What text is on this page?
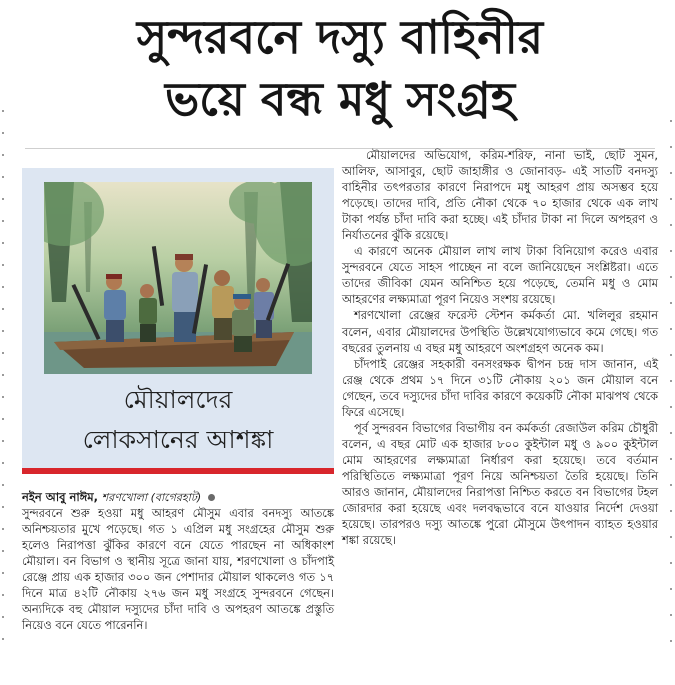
সুন্দরবনে দস্যু বাহিনীর
ভয়ে বন্ধ মধু সংগ্রহ
মৌয়ালদের
লোকসানের আশঙ্কা
নইন আবু নাঈম, শরণখোলা (বাগেরহাট)

সুন্দরবনে শুরু হওয়া মধু আহরণ মৌসুম এবার বনদস্যু আতঙ্কে অনিশ্চয়তার মুখে পড়েছে। গত ১ এপ্রিল মধু সংগ্রহের মৌসুম শুরু হলেও নিরাপত্তা ঝুঁকির কারণে বনে যেতে পারছেন না অধিকাংশ মৌয়াল। বন বিভাগ ও স্থানীয় সূত্রে জানা যায়, শরণখোলা ও চাঁদপাই রেঞ্জে প্রায় এক হাজার ৩০০ জন পেশাদার মৌয়াল থাকলেও গত ১৭ দিনে মাত্র ৪২টি নৌকায় ২৭৬ জন মধু সংগ্রহে সুন্দরবনে গেছেন। অন্যদিকে বহু মৌয়াল দস্যুদের চাঁদা দাবি ও অপহরণ আতঙ্কে প্রস্তুতি নিয়েও বনে যেতে পারেননি।

মৌয়ালদের অভিযোগ, করিম-শরিফ, নানা ভাই, ছোট সুমন, আলিফ, আসাবুর, ছোট জাহাঙ্গীর ও জোনাবড়- এই সাতটি বনদস্যু বাহিনীর তৎপরতার কারণে নিরাপদে মধু আহরণ প্রায় অসম্ভব হয়ে পড়েছে। তাদের দাবি, প্রতি নৌকা থেকে ৭০ হাজার থেকে এক লাখ টাকা পর্যন্ত চাঁদা দাবি করা হচ্ছে। এই চাঁদার টাকা না দিলে অপহরণ ও নির্যাতনের ঝুঁকি রয়েছে।

এ কারণে অনেক মৌয়াল লাখ লাখ টাকা বিনিয়োগ করেও এবার সুন্দরবনে যেতে সাহস পাচ্ছেন না বলে জানিয়েছেন সংশ্লিষ্টরা। এতে তাদের জীবিকা যেমন অনিশ্চিত হয়ে পড়েছে, তেমনি মধু ও মোম আহরণের লক্ষ্যমাত্রা পূরণ নিয়েও সংশয় রয়েছে।

শরণখোলা রেঞ্জের ফরেস্ট স্টেশন কর্মকর্তা মো. খলিলুর রহমান বলেন, এবার মৌয়ালদের উপস্থিতি উল্লেখযোগ্যভাবে কমে গেছে। গত বছরের তুলনায় এ বছর মধু আহরণে অংশগ্রহণ অনেক কম।

চাঁদপাই রেঞ্জের সহকারী বনসংরক্ষক দ্বীপন চন্দ্র দাস জানান, এই রেঞ্জ থেকে প্রথম ১৭ দিনে ৩১টি নৌকায় ২০১ জন মৌয়াল বনে গেছেন, তবে দস্যুদের চাঁদা দাবির কারণে কয়েকটি নৌকা মাঝপথ থেকে ফিরে এসেছে।

পূর্ব সুন্দরবন বিভাগের বিভাগীয় বন কর্মকর্তা রেজাউল করিম চৌধুরী বলেন, এ বছর মোট এক হাজার ৮০০ কুইন্টাল মধু ও ৯০০ কুইন্টাল মোম আহরণের লক্ষ্যমাত্রা নির্ধারণ করা হয়েছে। তবে বর্তমান পরিস্থিতিতে লক্ষ্যমাত্রা পূরণ নিয়ে অনিশ্চয়তা তৈরি হয়েছে। তিনি আরও জানান, মৌয়ালদের নিরাপত্তা নিশ্চিত করতে বন বিভাগের টহল জোরদার করা হয়েছে এবং দলবদ্ধভাবে বনে যাওয়ার নির্দেশ দেওয়া হয়েছে। তারপরও দস্যু আতঙ্কে পুরো মৌসুমে উৎপাদন ব্যাহত হওয়ার শঙ্কা রয়েছে।
